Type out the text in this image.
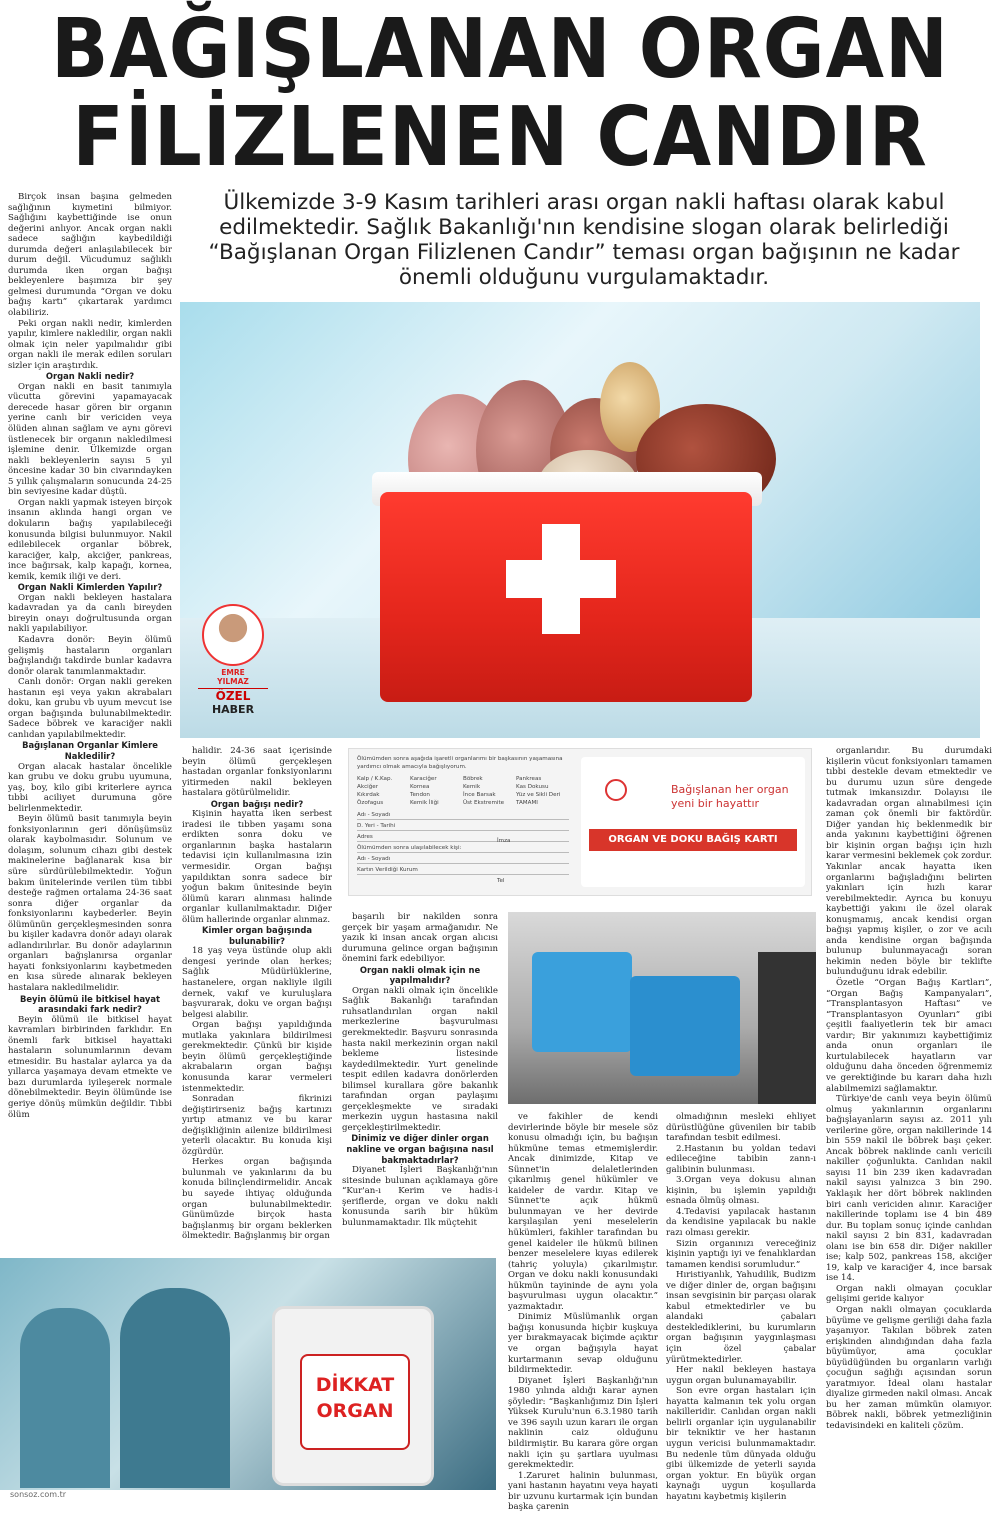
BAĞIŞLANAN ORGAN
FİLİZLENEN CANDIR
Ülkemizde 3-9 Kasım tarihleri arası organ nakli haftası olarak kabul edilmektedir. Sağlık Bakanlığı'nın kendisine slogan olarak belirlediği “Bağışlanan Organ Filizlenen Candır” teması organ bağışının ne kadar önemli olduğunu vurgulamaktadır.

Birçok insan başına gelmeden sağlığının kıymetini bilmiyor. Sağlığını kaybettiğinde ise onun değerini anlıyor. Ancak organ nakli sadece sağlığın kaybedildiği durumda değeri anlaşılabilecek bir durum değil. Vücudumuz sağlıklı durumda iken organ bağışı bekleyenlere başımıza bir şey gelmesi durumunda “Organ ve doku bağış kartı” çıkartarak yardımcı olabiliriz.

Peki organ nakli nedir, kimlerden yapılır, kimlere nakledilir, organ nakli olmak için neler yapılmalıdır gibi organ nakli ile merak edilen soruları sizler için araştırdık.

Organ Nakli nedir?

Organ nakli en basit tanımıyla vücutta görevini yapamayacak derecede hasar gören bir organın yerine canlı bir vericiden veya ölüden alınan sağlam ve aynı görevi üstlenecek bir organın nakledilmesi işlemine denir. Ülkemizde organ nakli bekleyenlerin sayısı 5 yıl öncesine kadar 30 bin civarındayken 5 yıllık çalışmaların sonucunda 24-25 bin seviyesine kadar düştü.

Organ nakli yapmak isteyen birçok insanın aklında hangi organ ve dokuların bağış yapılabileceği konusunda bilgisi bulunmuyor. Nakil edilebilecek organlar böbrek, karaciğer, kalp, akciğer, pankreas, ince bağırsak, kalp kapağı, kornea, kemik, kemik iliği ve deri.

Organ Nakli Kimlerden Yapılır?

Organ nakli bekleyen hastalara kadavradan ya da canlı bireyden bireyin onayı doğrultusunda organ nakli yapılabiliyor.

Kadavra donör: Beyin ölümü gelişmiş hastaların organları bağışlandığı takdirde bunlar kadavra donör olarak tanımlanmaktadır.

Canlı donör: Organ nakli gereken hastanın eşi veya yakın akrabaları doku, kan grubu vb uyum mevcut ise organ bağışında bulunabilmektedir. Sadece böbrek ve karaciğer nakli canlıdan yapılabilmektedir.

Bağışlanan Organlar Kimlere Nakledilir?

Organ alacak hastalar öncelikle kan grubu ve doku grubu uyumuna, yaş, boy, kilo gibi kriterlere ayrıca tıbbi aciliyet durumuna göre belirlenmektedir.

Beyin ölümü basit tanımıyla beyin fonksiyonlarının geri dönüşümsüz olarak kaybolmasıdır. Solunum ve dolaşım, solunum cihazı gibi destek makinelerine bağlanarak kısa bir süre sürdürülebilmektedir. Yoğun bakım ünitelerinde verilen tüm tıbbi desteğe rağmen ortalama 24-36 saat sonra diğer organlar da fonksiyonlarını kaybederler. Beyin ölümünün gerçekleşmesinden sonra bu kişiler kadavra donör adayı olarak adlandırılırlar. Bu donör adaylarının organları bağışlanırsa organlar hayati fonksiyonlarını kaybetmeden en kısa sürede alınarak bekleyen hastalara nakledilmelidir.

Beyin ölümü ile bitkisel hayat arasındaki fark nedir?

Beyin ölümü ile bitkisel hayat kavramları birbirinden farklıdır. En önemli fark bitkisel hayattaki hastaların solunumlarının devam etmesidir. Bu hastalar aylarca ya da yıllarca yaşamaya devam etmekte ve bazı durumlarda iyileşerek normale dönebilmektedir. Beyin ölümünde ise geriye dönüş mümkün değildir. Tıbbi ölüm

EMRE
YILMAZ
ÖZEL
HABER

halidir. 24-36 saat içerisinde beyin ölümü gerçekleşen hastadan organlar fonksiyonlarını yitirmeden nakil bekleyen hastalara götürülmelidir.

Organ bağışı nedir?

Kişinin hayatta iken serbest iradesi ile tıbben yaşamı sona erdikten sonra doku ve organlarının başka hastaların tedavisi için kullanılmasına izin vermesidir. Organ bağışı yapıldıktan sonra sadece bir yoğun bakım ünitesinde beyin ölümü kararı alınması halinde organlar kullanılmaktadır. Diğer ölüm hallerinde organlar alınmaz.

Kimler organ bağışında bulunabilir?

18 yaş veya üstünde olup akli dengesi yerinde olan herkes; Sağlık Müdürlüklerine, hastanelere, organ nakliyle ilgili dernek, vakıf ve kuruluşlara başvurarak, doku ve organ bağışı belgesi alabilir.

Organ bağışı yapıldığında mutlaka yakınlara bildirilmesi gerekmektedir. Çünkü bir kişide beyin ölümü gerçekleştiğinde akrabaların organ bağışı konusunda karar vermeleri istenmektedir.

Sonradan fikrinizi değiştirirseniz bağış kartınızı yırtıp atmanız ve bu karar değişikliğinin ailenize bildirilmesi yeterli olacaktır. Bu konuda kişi özgürdür.

Herkes organ bağışında bulunmalı ve yakınlarını da bu konuda bilinçlendirmelidir. Ancak bu sayede ihtiyaç olduğunda organ bulunabilmektedir. Günümüzde birçok hasta bağışlanmış bir organı beklerken ölmektedir. Bağışlanmış bir organ

Ölümümden sonra aşağıda işaretli organlarımı bir başkasının yaşamasına yardımcı olmak amacıyla bağışlıyorum.
Kalp / K.Kap.	Karaciğer	Böbrek	Pankreas
Akciğer	Kornea	Kemik	Kas Dokusu
Kıkırdak	Tendon	İnce Barsak	Yüz ve Sikli Deri
Özofagus	Kemik İliği	Üst Ekstremite	TAMAMI
Adı - Soyadı
D. Yeri - Tarihi
Adres
Ölümümden sonra ulaşılabilecek kişi:
Adı - Soyadı
Kartın Verildiği Kurum
İmza
Tel
Bağışlanan her organ
yeni bir hayattır
ORGAN VE DOKU BAĞIŞ KARTI

başarılı bir nakilden sonra gerçek bir yaşam armağanıdır. Ne yazık ki insan ancak organ alıcısı durumuna gelince organ bağışının önemini fark edebiliyor.

Organ nakli olmak için ne yapılmalıdır?

Organ nakli olmak için öncelikle Sağlık Bakanlığı tarafından ruhsatlandırılan organ nakil merkezlerine başvurulması gerekmektedir. Başvuru sonrasında hasta nakil merkezinin organ nakil bekleme listesinde kaydedilmektedir. Yurt genelinde tespit edilen kadavra donörlerden bilimsel kurallara göre bakanlık tarafından organ paylaşımı gerçekleşmekte ve sıradaki merkezin uygun hastasına nakil gerçekleştirilmektedir.

Dinimiz ve diğer dinler organ nakline ve organ bağışına nasıl bakmaktadırlar?

Diyanet İşleri Başkanlığı'nın sitesinde bulunan açıklamaya göre “Kur'an-ı Kerim ve hadis-i şeriflerde, organ ve doku nakli konusunda sarih bir hüküm bulunmamaktadır. Ilk müçtehit

ve fakihler de kendi devirlerinde böyle bir mesele söz konusu olmadığı için, bu bağışın hükmüne temas etmemişlerdir. Ancak dinimizde, Kitap ve Sünnet'in delaletlerinden çıkarılmış genel hükümler ve kaideler de vardır. Kitap ve Sünnet'te açık hükmü bulunmayan ve her devirde karşılaşılan yeni meselelerin hükümleri, fakihler tarafından bu genel kaideler ile hükmü bilinen benzer meselelere kıyas edilerek (tahriç yoluyla) çıkarılmıştır. Organ ve doku nakli konusundaki hükmün tayininde de aynı yola başvurulması uygun olacaktır.” yazmaktadır.

Dinimiz Müslümanlık organ bağışı konusunda hiçbir kuşkuya yer bırakmayacak biçimde açıktır ve organ bağışıyla hayat kurtarmanın sevap olduğunu bildirmektedir.

Diyanet İşleri Başkanlığı'nın 1980 yılında aldığı karar aynen şöyledir: “Başkanlığımız Din İşleri Yüksek Kurulu'nun 6.3.1980 tarih ve 396 sayılı uzun kararı ile organ naklinin caiz olduğunu bildirmiştir. Bu karara göre organ nakli için şu şartlara uyulması gerekmektedir.

1.Zaruret halinin bulunması, yani hastanın hayatını veya hayati bir uzvunu kurtarmak için bundan başka çarenin

olmadığının mesleki ehliyet dürüstlüğüne güvenilen bir tabib tarafından tesbit edilmesi.

2.Hastanın bu yoldan tedavi edileceğine tabibin zann-ı galibinin bulunması.

3.Organ veya dokusu alınan kişinin, bu işlemin yapıldığı esnada ölmüş olması.

4.Tedavisi yapılacak hastanın da kendisine yapılacak bu nakle razı olması gerekir.

Sizin organınızı vereceğiniz kişinin yaptığı iyi ve fenalıklardan tamamen kendisi sorumludur.”

Hıristiyanlık, Yahudilik, Budizm ve diğer dinler de, organ bağışını insan sevgisinin bir parçası olarak kabul etmektedirler ve bu alandaki çabaları desteklediklerini, bu kurumların organ bağışının yaygınlaşması için özel çabalar yürütmektedirler.

Her nakil bekleyen hastaya uygun organ bulunamayabilir.

Son evre organ hastaları için hayatta kalmanın tek yolu organ nakilleridir. Canlıdan organ nakli belirli organlar için uygulanabilir bir tekniktir ve her hastanın uygun vericisi bulunmamaktadır. Bu nedenle tüm dünyada olduğu gibi ülkemizde de yeterli sayıda organ yoktur. En büyük organ kaynağı uygun koşullarda hayatını kaybetmiş kişilerin

organlarıdır. Bu durumdaki kişilerin vücut fonksiyonları tamamen tıbbi destekle devam etmektedir ve bu durumu uzun süre dengede tutmak imkansızdır. Dolayısı ile kadavradan organ alınabilmesi için zaman çok önemli bir faktördür. Diğer yandan hiç beklenmedik bir anda yakınını kaybettiğini öğrenen bir kişinin organ bağışı için hızlı karar vermesini beklemek çok zordur. Yakınlar ancak hayatta iken organlarını bağışladığını belirten yakınları için hızlı karar verebilmektedir. Ayrıca bu konuyu kaybettiği yakını ile özel olarak konuşmamış, ancak kendisi organ bağışı yapmış kişiler, o zor ve acılı anda kendisine organ bağışında bulunup bulunmayacağı soran hekimin neden böyle bir teklifte bulunduğunu idrak edebilir.

Özetle “Organ Bağış Kartları”, “Organ Bağış Kampanyaları”, “Transplantasyon Haftası” ve “Transplantasyon Oyunları” gibi çeşitli faaliyetlerin tek bir amacı vardır; Bir yakınımızı kaybettiğimiz anda onun organları ile kurtulabilecek hayatların var olduğunu daha önceden öğrenmemiz ve gerektiğinde bu kararı daha hızlı alabilmemizi sağlamaktır.

Türkiye'de canlı veya beyin ölümü olmuş yakınlarının organlarını bağışlayanların sayısı az. 2011 yılı verilerine göre, organ nakillerinde 14 bin 559 nakil ile böbrek başı çeker. Ancak böbrek naklinde canlı vericili nakiller çoğunlukta. Canlıdan nakil sayısı 11 bin 239 iken kadavradan nakil sayısı yalnızca 3 bin 290. Yaklaşık her dört böbrek naklinden biri canlı vericiden alınır. Karaciğer nakillerinde toplamı ise 4 bin 489 dur. Bu toplam sonuç içinde canlıdan nakil sayısı 2 bin 831, kadavradan olanı ise bin 658 dir. Diğer nakiller ise; kalp 502, pankreas 158, akciğer 19, kalp ve karaciğer 4, ince barsak ise 14.

Organ nakli olmayan çocuklar gelişimi geride kalıyor

Organ nakli olmayan çocuklarda büyüme ve gelişme geriliği daha fazla yaşanıyor. Takılan böbrek zaten erişkinden alındığından daha fazla büyümüyor, ama çocuklar büyüdüğünden bu organların varlığı çocuğun sağlığı açısından sorun yaratmıyor. İdeal olanı hastalar diyalize girmeden nakil olması. Ancak bu her zaman mümkün olamıyor. Böbrek nakli, böbrek yetmezliğinin tedavisindeki en kaliteli çözüm.

DİKKAT
ORGAN
sonsoz.com.tr
